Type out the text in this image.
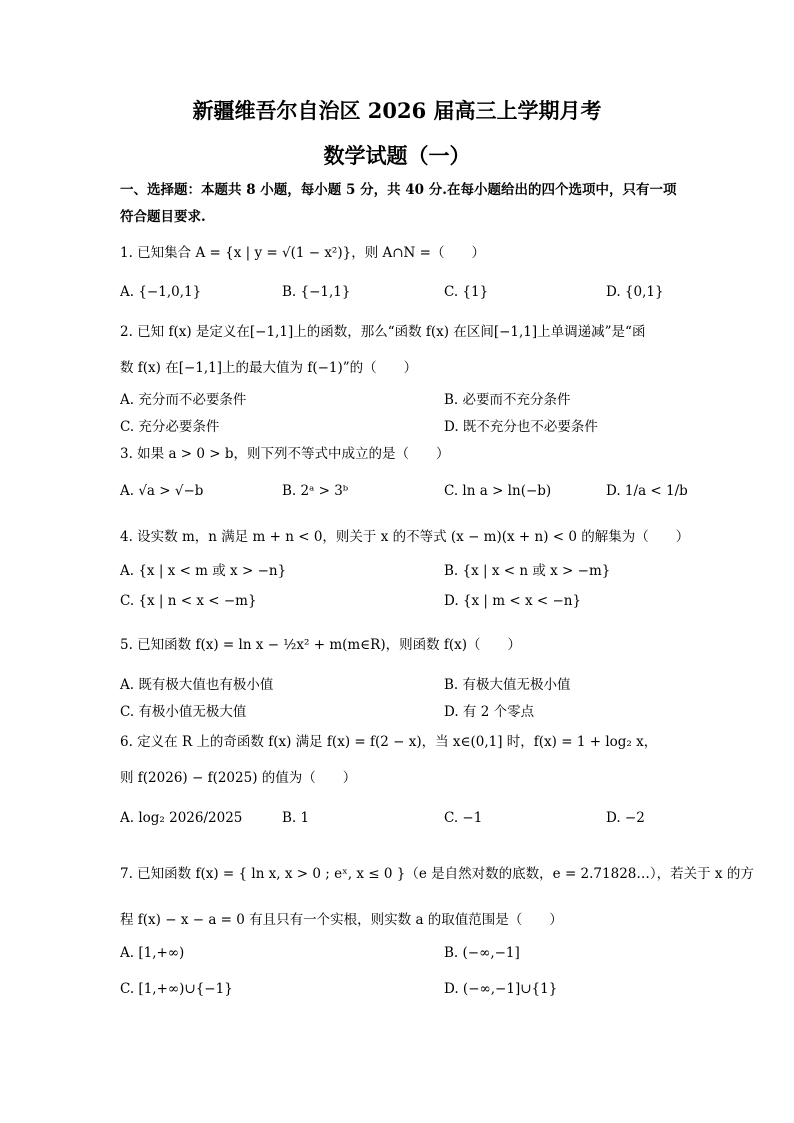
新疆维吾尔自治区 2026 届高三上学期月考
数学试题（一）
一、选择题：本题共 8 小题，每小题 5 分，共 40 分.在每小题给出的四个选项中，只有一项符合题目要求.
1. 已知集合 A = {x | y = √(1 − x²)}，则 A∩N =（　　）
A. {−1,0,1}	B. {−1,1}	C. {1}	D. {0,1}
2. 已知 f(x) 是定义在[−1,1]上的函数，那么“函数 f(x) 在区间[−1,1]上单调递减”是“函
数 f(x) 在[−1,1]上的最大值为 f(−1)”的（　　）
A. 充分而不必要条件	B. 必要而不充分条件
C. 充分必要条件	D. 既不充分也不必要条件
3. 如果 a > 0 > b，则下列不等式中成立的是（　　）
A. √a > √−b	B. 2ᵃ > 3ᵇ	C. ln a > ln(−b)	D. 1/a < 1/b
4. 设实数 m，n 满足 m + n < 0，则关于 x 的不等式 (x − m)(x + n) < 0 的解集为（　　）
A. {x | x < m 或 x > −n}	B. {x | x < n 或 x > −m}
C. {x | n < x < −m}	D. {x | m < x < −n}
5. 已知函数 f(x) = ln x − ½x² + m(m∈R)，则函数 f(x)（　　）
A. 既有极大值也有极小值	B. 有极大值无极小值
C. 有极小值无极大值	D. 有 2 个零点
6. 定义在 R 上的奇函数 f(x) 满足 f(x) = f(2 − x)，当 x∈(0,1] 时，f(x) = 1 + log₂ x，
则 f(2026) − f(2025) 的值为（　　）
A. log₂ 2026/2025	B. 1	C. −1	D. −2
7. 已知函数 f(x) = { ln x, x > 0 ; eˣ, x ≤ 0 }（e 是自然对数的底数，e = 2.71828…），若关于 x 的方
程 f(x) − x − a = 0 有且只有一个实根，则实数 a 的取值范围是（　　）
A. [1,+∞)	B. (−∞,−1]
C. [1,+∞)∪{−1}	D. (−∞,−1]∪{1}
